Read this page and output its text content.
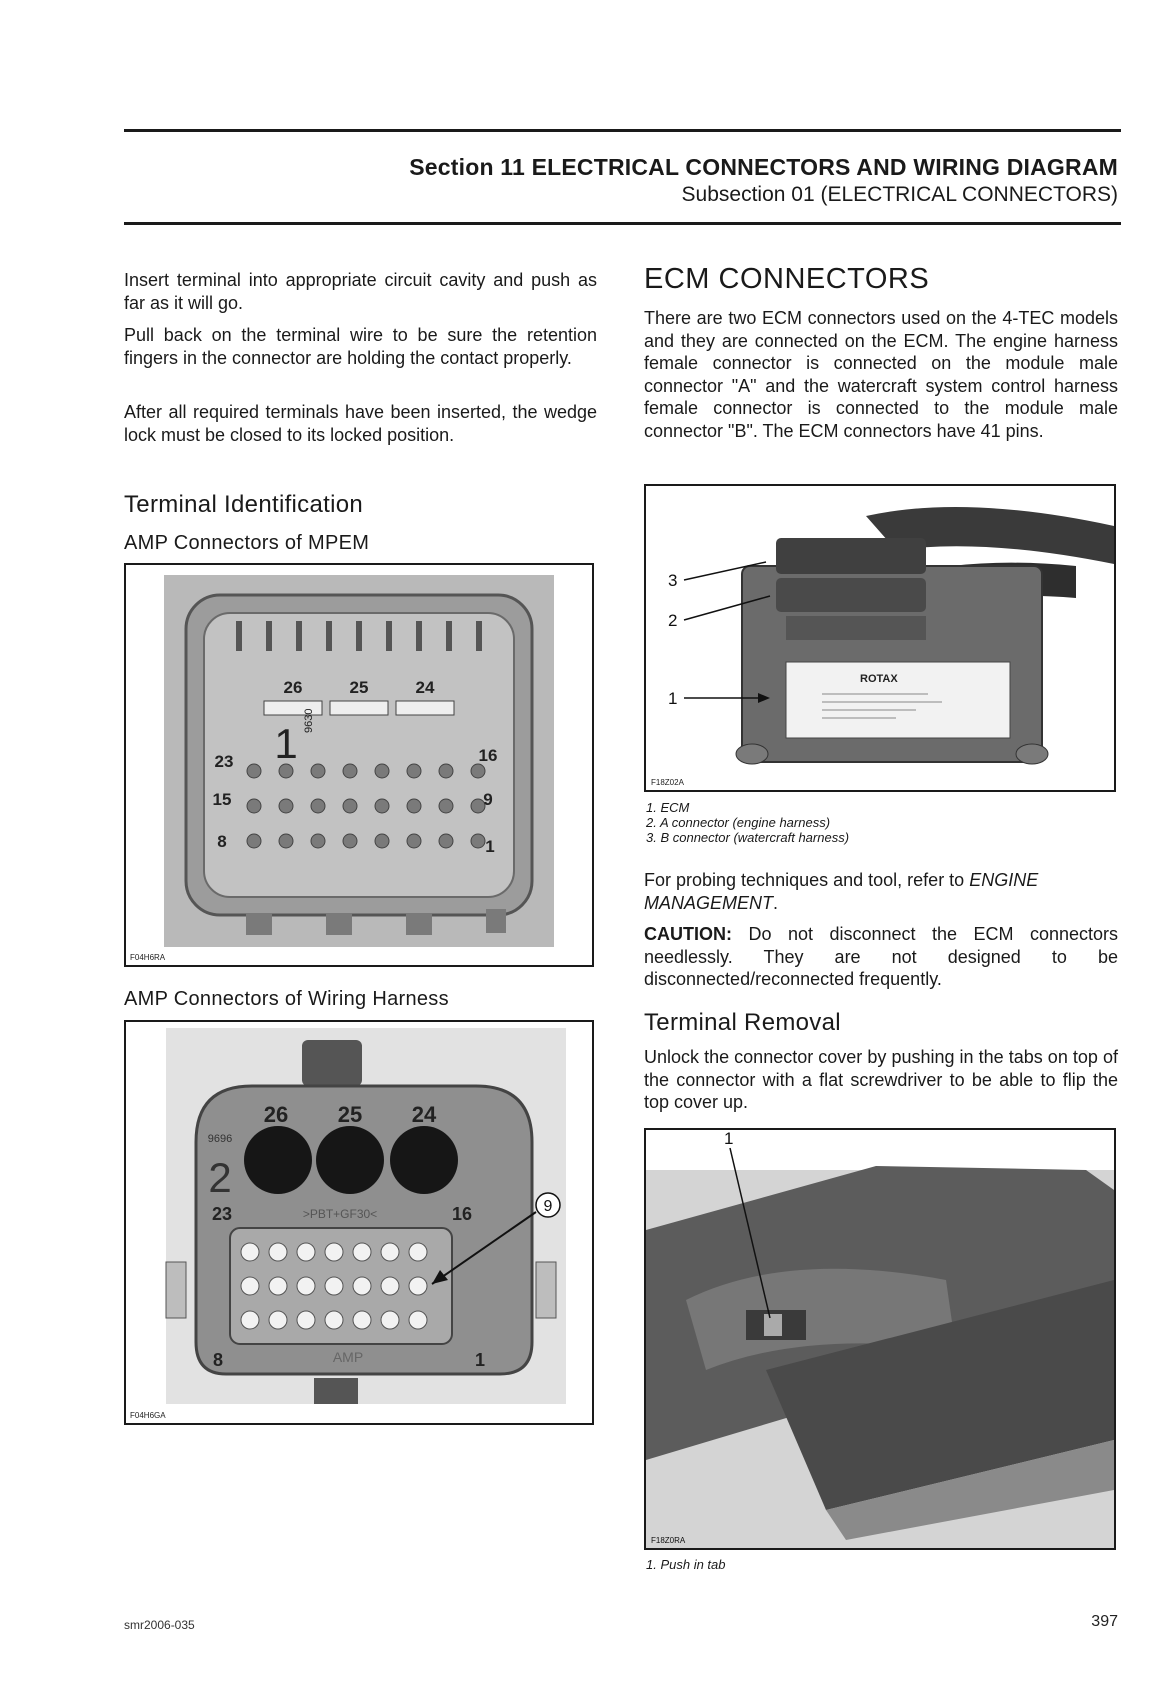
Section 11 ELECTRICAL CONNECTORS AND WIRING DIAGRAM
Subsection 01 (ELECTRICAL CONNECTORS)
Insert terminal into appropriate circuit cavity and push as far as it will go.
Pull back on the terminal wire to be sure the retention fingers in the connector are holding the contact properly.
After all required terminals have been inserted, the wedge lock must be closed to its locked position.
Terminal Identification
AMP Connectors of MPEM
26	25	24
23	16
15	9
8	1
1 9630
F04H6RA
AMP Connectors of Wiring Harness
9
26 25 24
23	16
8	1
2
9696
>PBT+GF30<
AMP
F04H6GA
ECM CONNECTORS
There are two ECM connectors used on the 4-TEC models and they are connected on the ECM. The engine harness female connector is connected on the module male connector "A" and the watercraft system control harness female connector is connected to the module male connector "B". The ECM connectors have 41 pins.
ROTAX
3
2
1
F18Z02A
1. ECM
2. A connector (engine harness)
3. B connector (watercraft harness)
For probing techniques and tool, refer to ENGINE MANAGEMENT.
CAUTION: Do not disconnect the ECM connectors needlessly. They are not designed to be disconnected/reconnected frequently.
Terminal Removal
Unlock the connector cover by pushing in the tabs on top of the connector with a flat screwdriver to be able to flip the top cover up.
1
F18Z0RA
1. Push in tab
smr2006-035	397
